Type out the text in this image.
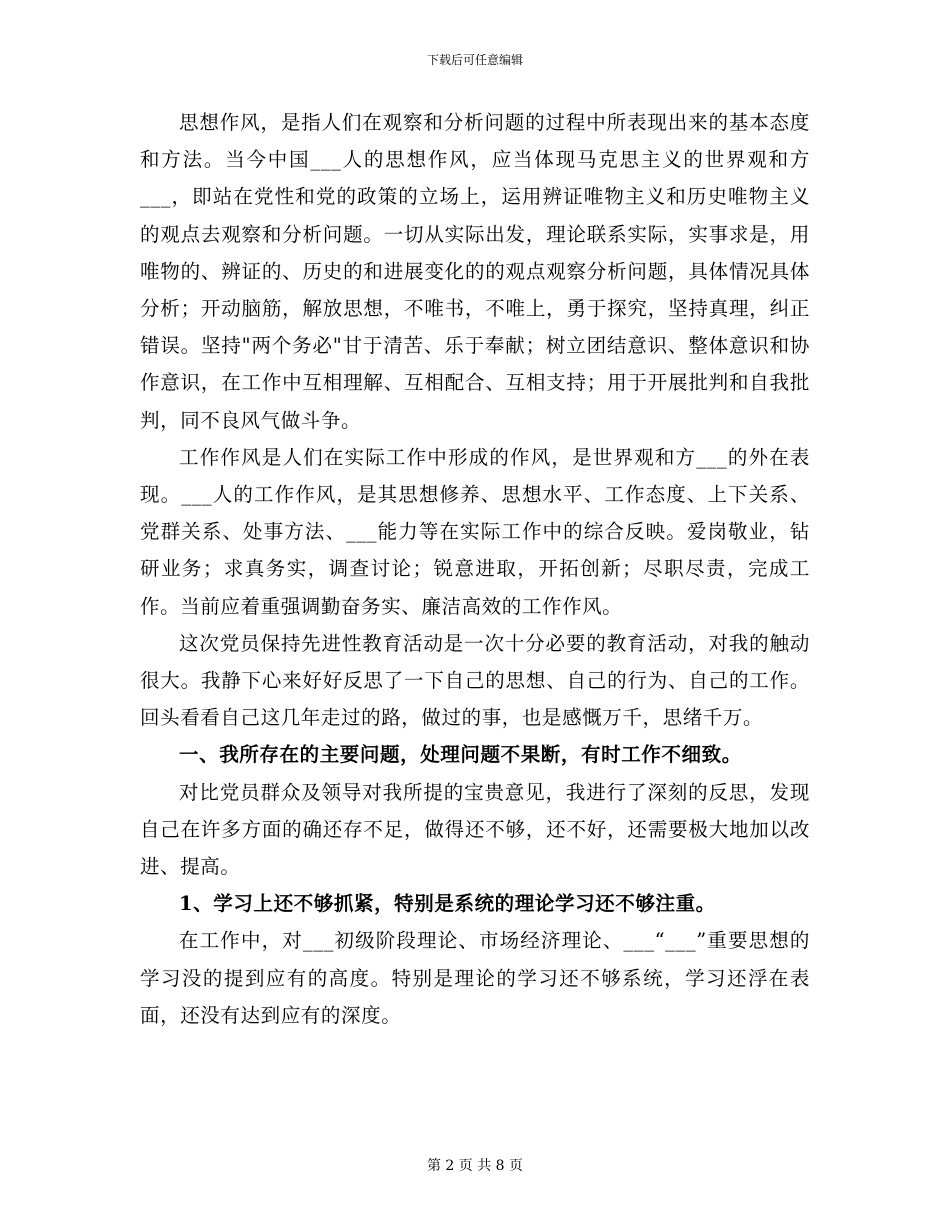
下载后可任意编辑

思想作风，是指人们在观察和分析问题的过程中所表现出来的基本态度和方法。当今中国___人的思想作风，应当体现马克思主义的世界观和方___，即站在党性和党的政策的立场上，运用辨证唯物主义和历史唯物主义的观点去观察和分析问题。一切从实际出发，理论联系实际，实事求是，用唯物的、辨证的、历史的和进展变化的的观点观察分析问题，具体情况具体分析；开动脑筋，解放思想，不唯书，不唯上，勇于探究，坚持真理，纠正错误。坚持"两个务必"甘于清苦、乐于奉献；树立团结意识、整体意识和协作意识，在工作中互相理解、互相配合、互相支持；用于开展批判和自我批判，同不良风气做斗争。

工作作风是人们在实际工作中形成的作风，是世界观和方___的外在表现。___人的工作作风，是其思想修养、思想水平、工作态度、上下关系、党群关系、处事方法、___能力等在实际工作中的综合反映。爱岗敬业，钻研业务；求真务实，调查讨论；锐意进取，开拓创新；尽职尽责，完成工作。当前应着重强调勤奋务实、廉洁高效的工作作风。

这次党员保持先进性教育活动是一次十分必要的教育活动，对我的触动很大。我静下心来好好反思了一下自己的思想、自己的行为、自己的工作。回头看看自己这几年走过的路，做过的事，也是感慨万千，思绪千万。

一、我所存在的主要问题，处理问题不果断，有时工作不细致。

对比党员群众及领导对我所提的宝贵意见，我进行了深刻的反思，发现自己在许多方面的确还存不足，做得还不够，还不好，还需要极大地加以改进、提高。

1、学习上还不够抓紧，特别是系统的理论学习还不够注重。

在工作中，对___初级阶段理论、市场经济理论、___“___”重要思想的学习没的提到应有的高度。特别是理论的学习还不够系统，学习还浮在表面，还没有达到应有的深度。

第 2 页 共 8 页
